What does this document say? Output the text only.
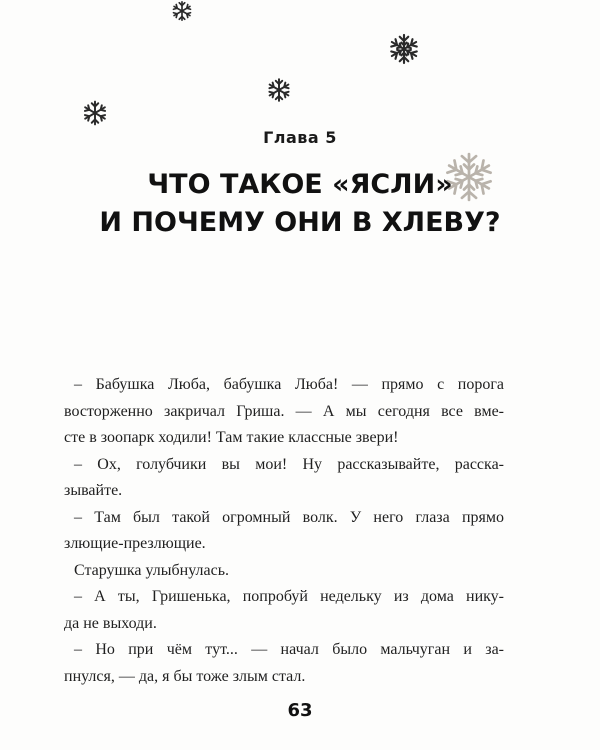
Глава 5
ЧТО ТАКОЕ «ЯСЛИ»
И ПОЧЕМУ ОНИ В ХЛЕВУ?
– Бабушка Люба, бабушка Люба! — прямо с порога
восторженно закричал Гриша. — А мы сегодня все вме-
сте в зоопарк ходили! Там такие классные звери!
– Ох, голубчики вы мои! Ну рассказывайте, расска-
зывайте.
– Там был такой огромный волк. У него глаза прямо
злющие-презлющие.
Старушка улыбнулась.
– А ты, Гришенька, попробуй недельку из дома нику-
да не выходи.
– Но при чём тут... — начал было мальчуган и за-
пнулся, — да, я бы тоже злым стал.
63
